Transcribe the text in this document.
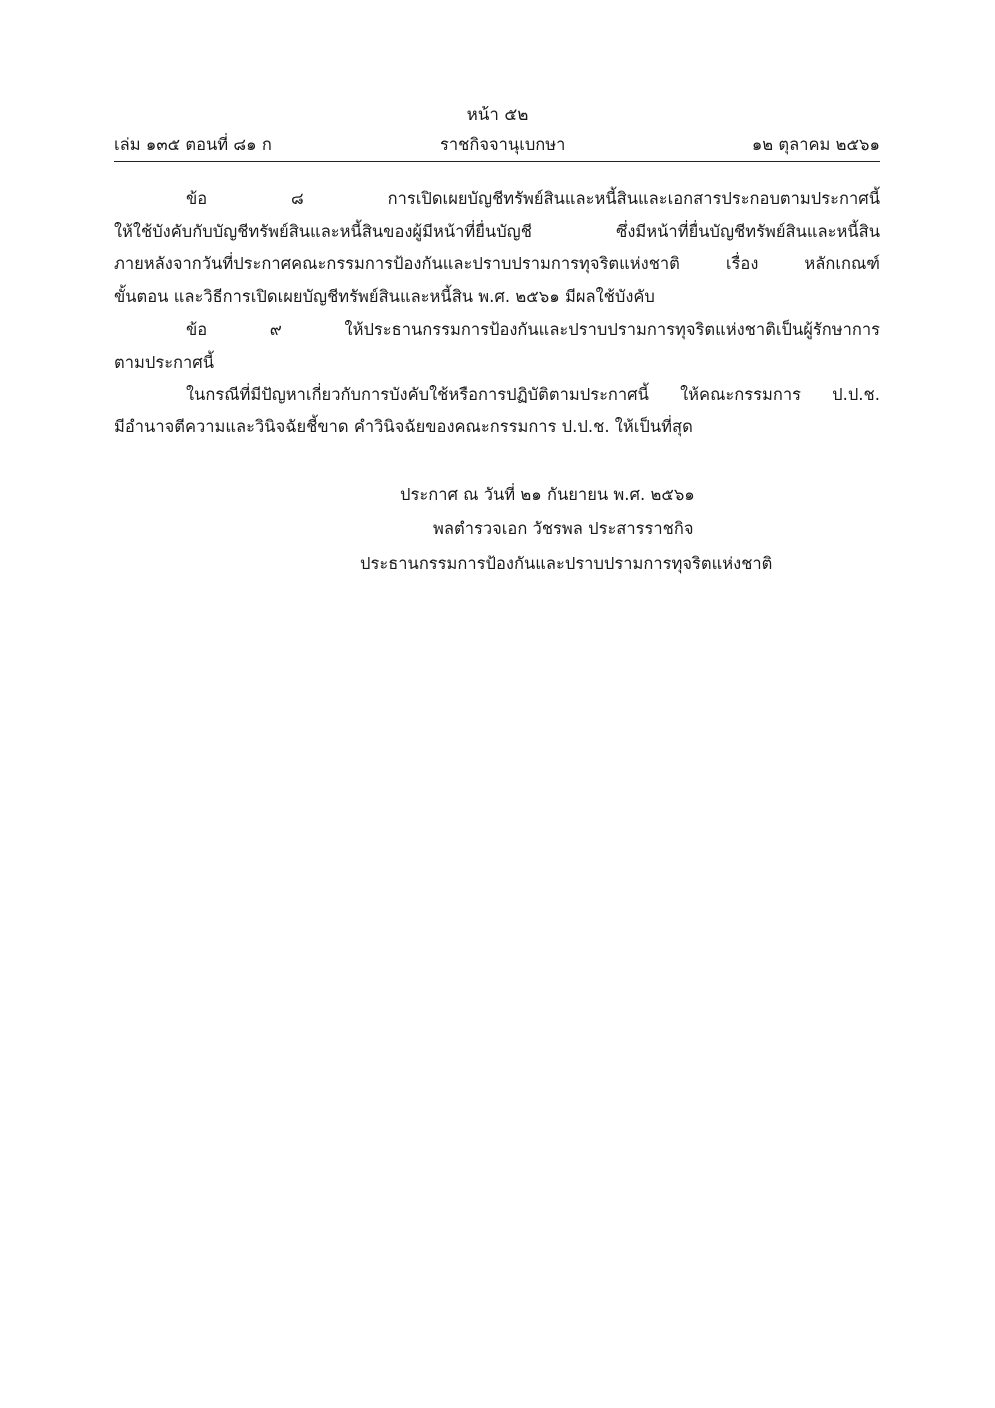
หน้า ๕๒
เล่ม ๑๓๕ ตอนที่ ๘๑ ก	ราชกิจจานุเบกษา	๑๒ ตุลาคม ๒๕๖๑
ข้อ ๘ การเปิดเผยบัญชีทรัพย์สินและหนี้สินและเอกสารประกอบตามประกาศนี้
ให้ใช้บังคับกับบัญชีทรัพย์สินและหนี้สินของผู้มีหน้าที่ยื่นบัญชี ซึ่งมีหน้าที่ยื่นบัญชีทรัพย์สินและหนี้สิน
ภายหลังจากวันที่ประกาศคณะกรรมการป้องกันและปราบปรามการทุจริตแห่งชาติ เรื่อง หลักเกณฑ์
ขั้นตอน และวิธีการเปิดเผยบัญชีทรัพย์สินและหนี้สิน พ.ศ. ๒๕๖๑ มีผลใช้บังคับ
ข้อ ๙ ให้ประธานกรรมการป้องกันและปราบปรามการทุจริตแห่งชาติเป็นผู้รักษาการ
ตามประกาศนี้
ในกรณีที่มีปัญหาเกี่ยวกับการบังคับใช้หรือการปฏิบัติตามประกาศนี้ ให้คณะกรรมการ ป.ป.ช.
มีอำนาจตีความและวินิจฉัยชี้ขาด คำวินิจฉัยของคณะกรรมการ ป.ป.ช. ให้เป็นที่สุด
ประกาศ ณ วันที่ ๒๑ กันยายน พ.ศ. ๒๕๖๑
พลตำรวจเอก วัชรพล ประสารราชกิจ
ประธานกรรมการป้องกันและปราบปรามการทุจริตแห่งชาติ
